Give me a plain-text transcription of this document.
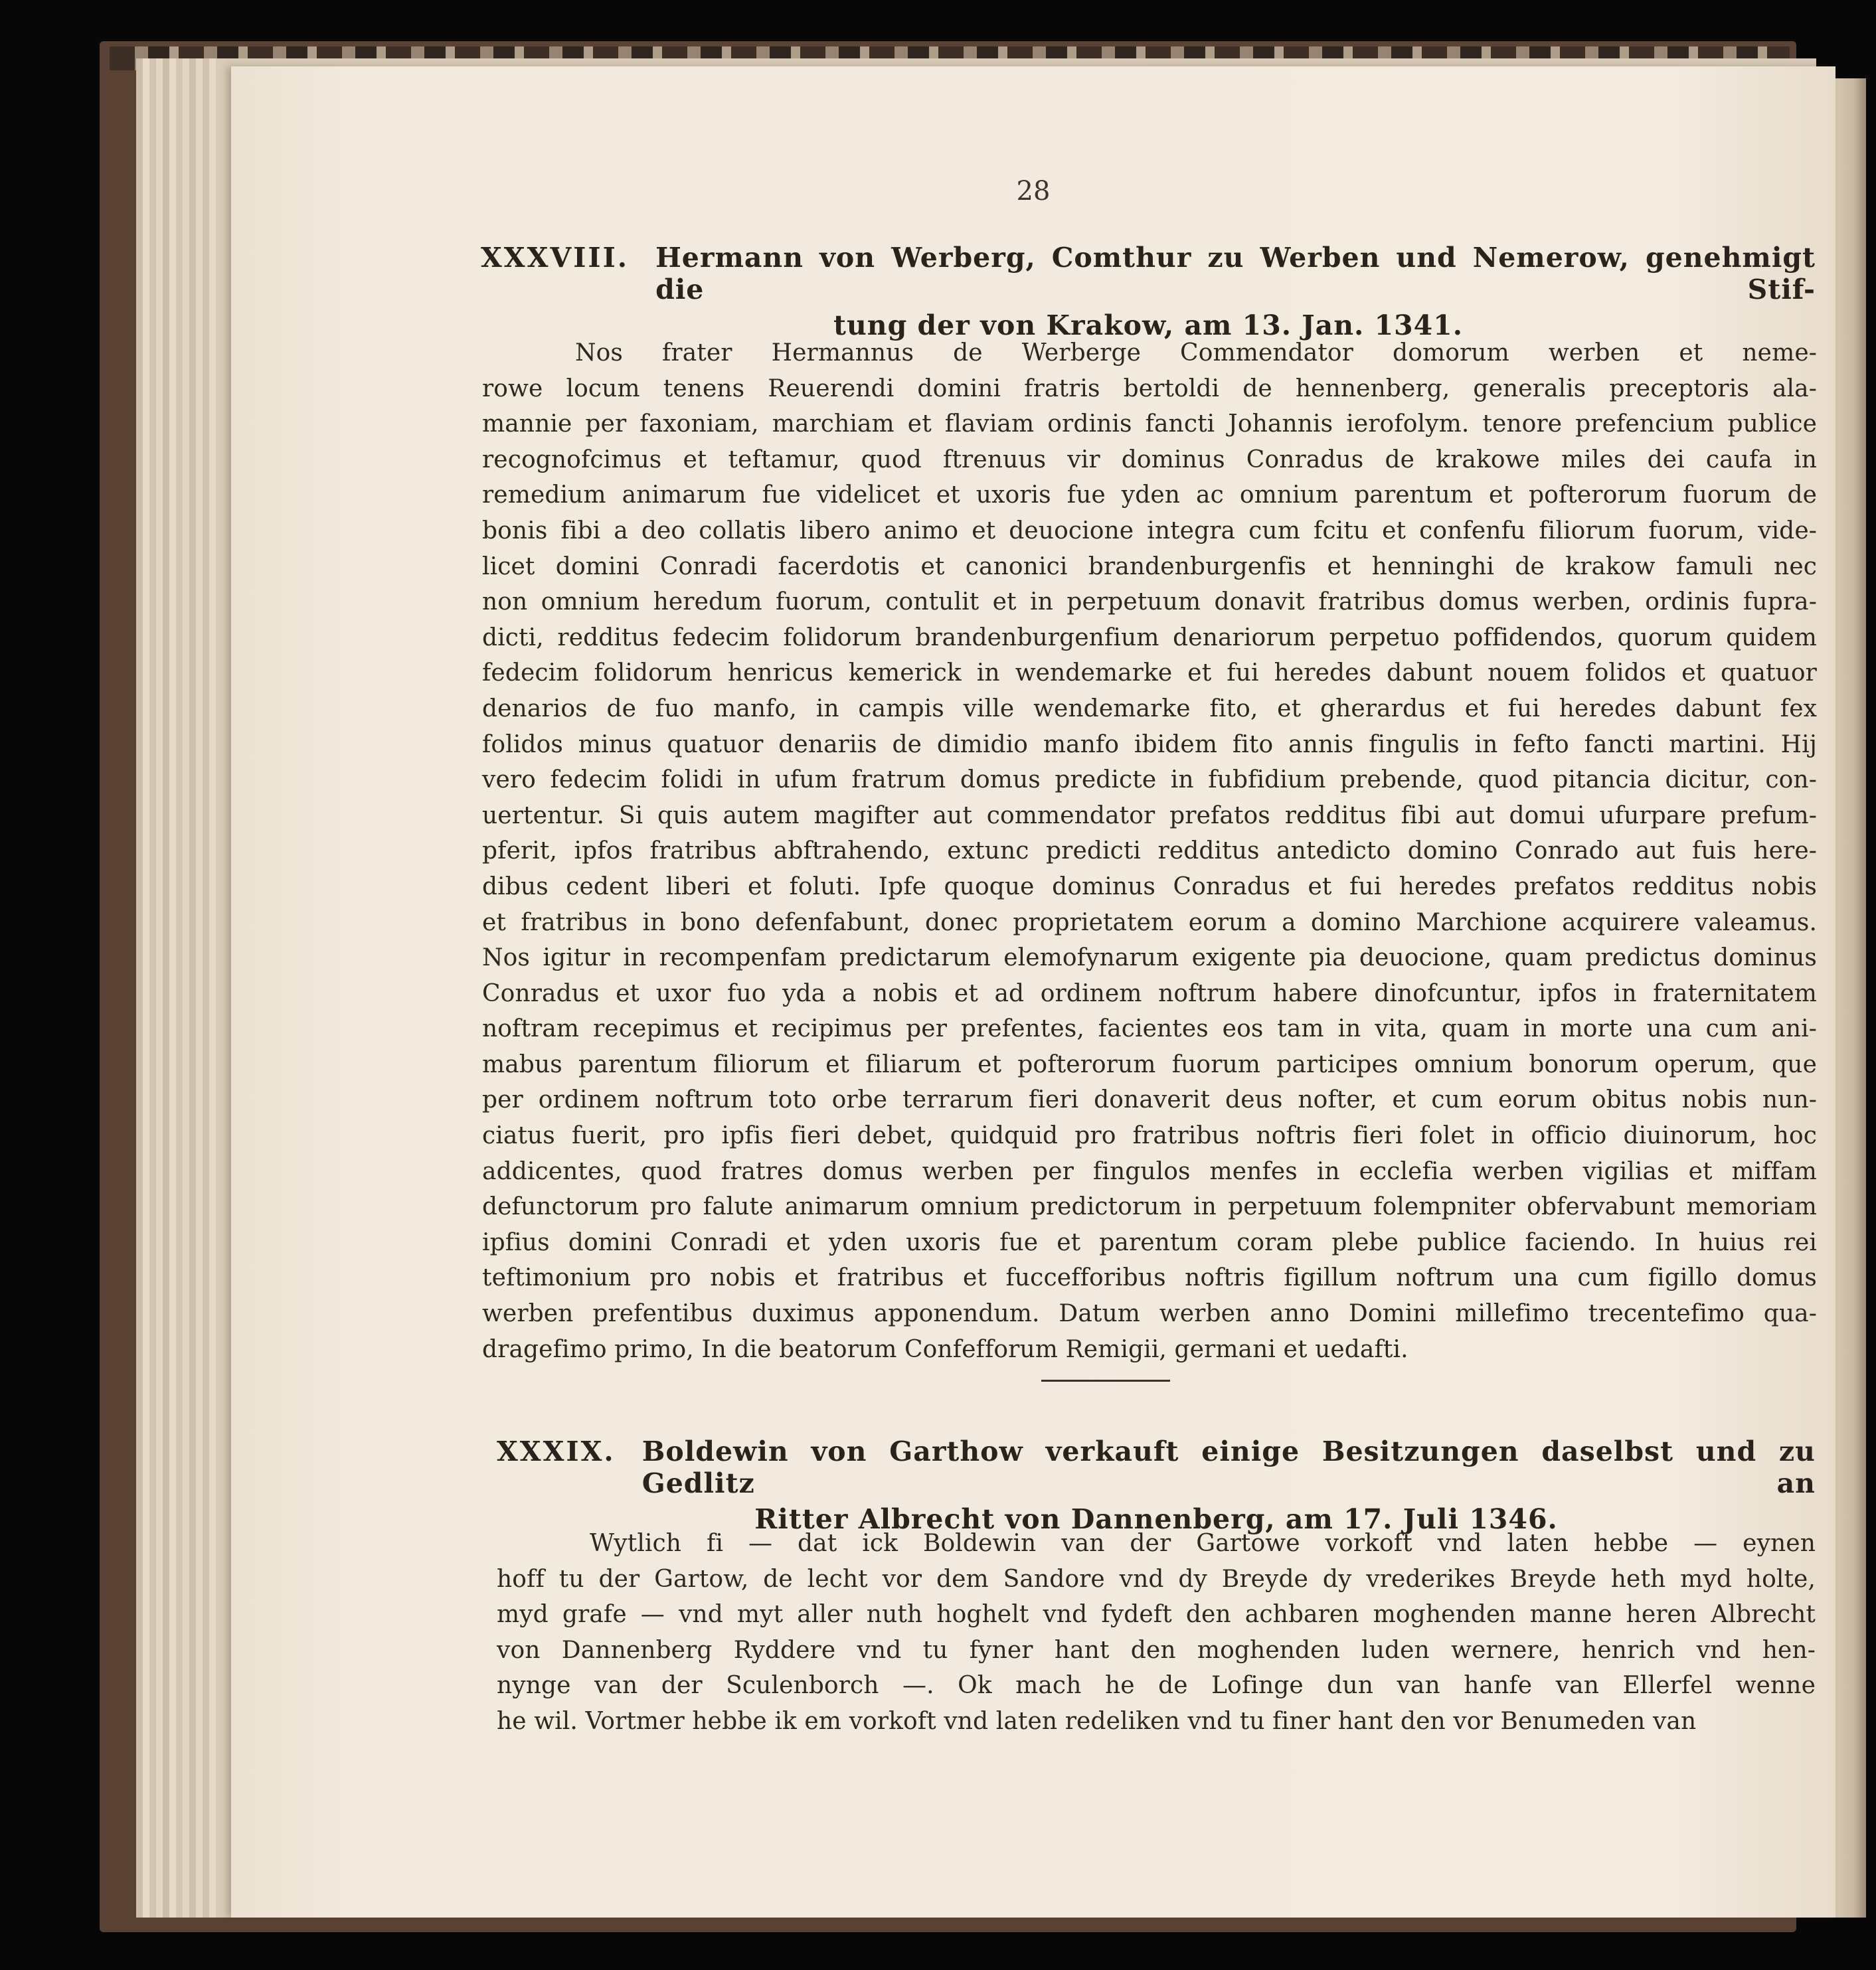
28
XXXVIII. Hermann von Werberg, Comthur zu Werben und Nemerow, genehmigt die Stif-
tung der von Krakow, am 13. Jan. 1341.
Nos frater Hermannus de Werberge Commendator domorum werben et neme-
rowe locum tenens Reuerendi domini fratris bertoldi de hennenberg, generalis preceptoris ala-
mannie per faxoniam, marchiam et flaviam ordinis fancti Johannis ierofolym. tenore prefencium publice
recognofcimus et teftamur, quod ftrenuus vir dominus Conradus de krakowe miles dei caufa in
remedium animarum fue videlicet et uxoris fue yden ac omnium parentum et pofterorum fuorum de
bonis fibi a deo collatis libero animo et deuocione integra cum fcitu et confenfu filiorum fuorum, vide-
licet domini Conradi facerdotis et canonici brandenburgenfis et henninghi de krakow famuli nec
non omnium heredum fuorum, contulit et in perpetuum donavit fratribus domus werben, ordinis fupra-
dicti, redditus fedecim folidorum brandenburgenfium denariorum perpetuo poffidendos, quorum quidem
fedecim folidorum henricus kemerick in wendemarke et fui heredes dabunt nouem folidos et quatuor
denarios de fuo manfo, in campis ville wendemarke fito, et gherardus et fui heredes dabunt fex
folidos minus quatuor denariis de dimidio manfo ibidem fito annis fingulis in fefto fancti martini. Hij
vero fedecim folidi in ufum fratrum domus predicte in fubfidium prebende, quod pitancia dicitur, con-
uertentur. Si quis autem magifter aut commendator prefatos redditus fibi aut domui ufurpare prefum-
pferit, ipfos fratribus abftrahendo, extunc predicti redditus antedicto domino Conrado aut fuis here-
dibus cedent liberi et foluti. Ipfe quoque dominus Conradus et fui heredes prefatos redditus nobis
et fratribus in bono defenfabunt, donec proprietatem eorum a domino Marchione acquirere valeamus.
Nos igitur in recompenfam predictarum elemofynarum exigente pia deuocione, quam predictus dominus
Conradus et uxor fuo yda a nobis et ad ordinem noftrum habere dinofcuntur, ipfos in fraternitatem
noftram recepimus et recipimus per prefentes, facientes eos tam in vita, quam in morte una cum ani-
mabus parentum filiorum et filiarum et pofterorum fuorum participes omnium bonorum operum, que
per ordinem noftrum toto orbe terrarum fieri donaverit deus nofter, et cum eorum obitus nobis nun-
ciatus fuerit, pro ipfis fieri debet, quidquid pro fratribus noftris fieri folet in officio diuinorum, hoc
addicentes, quod fratres domus werben per fingulos menfes in ecclefia werben vigilias et miffam
defunctorum pro falute animarum omnium predictorum in perpetuum folempniter obfervabunt memoriam
ipfius domini Conradi et yden uxoris fue et parentum coram plebe publice faciendo. In huius rei
teftimonium pro nobis et fratribus et fuccefforibus noftris figillum noftrum una cum figillo domus
werben prefentibus duximus apponendum. Datum werben anno Domini millefimo trecentefimo qua-
dragefimo primo, In die beatorum Confefforum Remigii, germani et uedafti.
XXXIX. Boldewin von Garthow verkauft einige Besitzungen daselbst und zu Gedlitz an
Ritter Albrecht von Dannenberg, am 17. Juli 1346.
Wytlich fi — dat ick Boldewin van der Gartowe vorkoft vnd laten hebbe — eynen
hoff tu der Gartow, de lecht vor dem Sandore vnd dy Breyde dy vrederikes Breyde heth myd holte,
myd grafe — vnd myt aller nuth hoghelt vnd fydeft den achbaren moghenden manne heren Albrecht
von Dannenberg Ryddere vnd tu fyner hant den moghenden luden wernere, henrich vnd hen-
nynge van der Sculenborch —. Ok mach he de Lofinge dun van hanfe van Ellerfel wenne
he wil. Vortmer hebbe ik em vorkoft vnd laten redeliken vnd tu finer hant den vor Benumeden van
